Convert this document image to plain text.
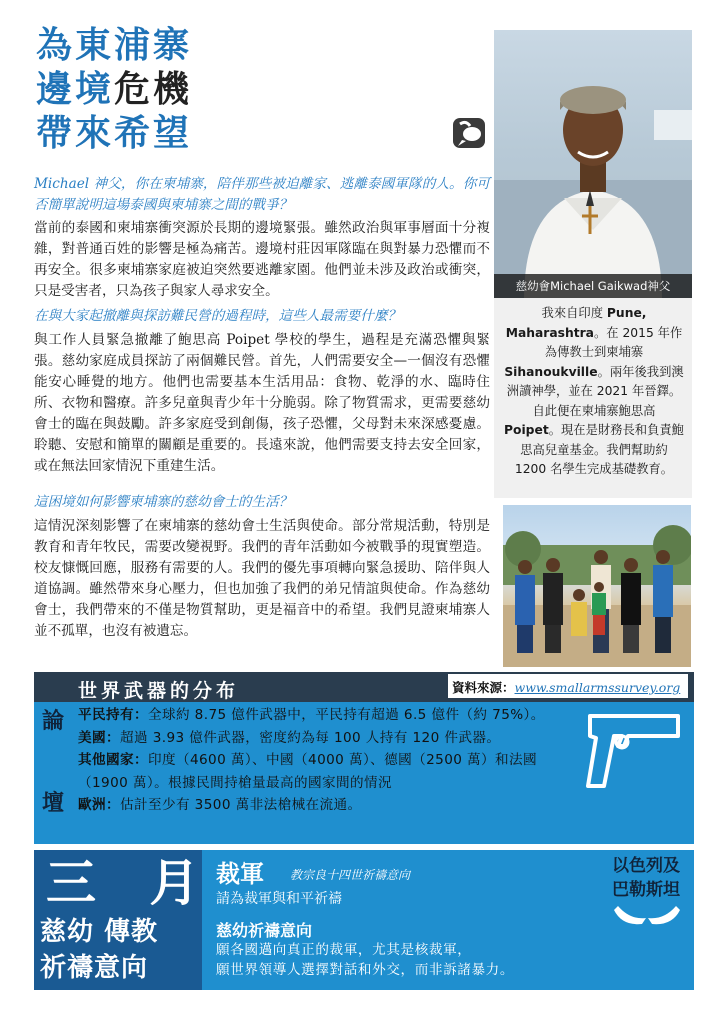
為東浦寨
邊境危機
帶來希望
Michael 神父，你在柬埔寨，陪伴那些被迫離家、逃離泰國軍隊的人。你可否簡單說明這場泰國與柬埔寨之間的戰爭？
當前的泰國和柬埔寨衝突源於長期的邊境緊張。雖然政治與軍事層面十分複雜，對普通百姓的影響是極為痛苦。邊境村莊因軍隊臨在與對暴力恐懼而不再安全。很多柬埔寨家庭被迫突然要逃離家園。他們並未涉及政治或衝突，只是受害者，只為孩子與家人尋求安全。
在與大家起撤離與探訪難民營的過程時，這些人最需要什麼？
與工作人員緊急撤離了鮑思高 Poipet 學校的學生，過程是充滿恐懼與緊張。慈幼家庭成員探訪了兩個難民營。首先，人們需要安全—一個沒有恐懼能安心睡覺的地方。他們也需要基本生活用品：食物、乾淨的水、臨時住所、衣物和醫療。許多兒童與青少年十分脆弱。除了物質需求，更需要慈幼會士的臨在與鼓勵。許多家庭受到創傷，孩子恐懼，父母對未來深感憂慮。聆聽、安慰和簡單的關顧是重要的。長遠來說，他們需要支持去安全回家，或在無法回家情況下重建生活。
這困境如何影響柬埔寨的慈幼會士的生活？
這情況深刻影響了在柬埔寨的慈幼會士生活與使命。部分常規活動，特別是教育和青年牧民，需要改變視野。我們的青年活動如今被戰爭的現實塑造。校友慷慨回應，服務有需要的人。我們的優先事項轉向緊急援助、陪伴與人道協調。雖然帶來身心壓力，但也加強了我們的弟兄情誼與使命。作為慈幼會士，我們帶來的不僅是物質幫助，更是福音中的希望。我們見證柬埔寨人並不孤單，也沒有被遺忘。
慈幼會Michael Gaikwad神父
我來自印度 Pune, Maharashtra。在 2015 年作為傳教士到柬埔寨 Sihanoukville。兩年後我到澳洲讀神學，並在 2021 年晉鐸。自此便在柬埔寨鮑思高 Poipet。現在是財務長和負責鮑思高兒童基金。我們幫助約 1200 名學生完成基礎教育。
世界武器的分布	資料來源：www.smallarmssurvey.org
論
壇
平民持有：全球約 8.75 億件武器中，平民持有超過 6.5 億件（約 75%）。
美國：超過 3.93 億件武器，密度約為每 100 人持有 120 件武器。
其他國家：印度（4600 萬）、中國（4000 萬）、德國（2500 萬）和法國（1900 萬）。根據民間持槍量最高的國家間的情況
歐洲：估計至少有 3500 萬非法槍械在流通。
三 月
慈幼 傳教
祈禱意向
裁軍 教宗良十四世祈禱意向
請為裁軍與和平祈禱
慈幼祈禱意向
願各國邁向真正的裁軍，尤其是核裁軍，
願世界領導人選擇對話和外交，而非訴諸暴力。
以色列及
巴勒斯坦
